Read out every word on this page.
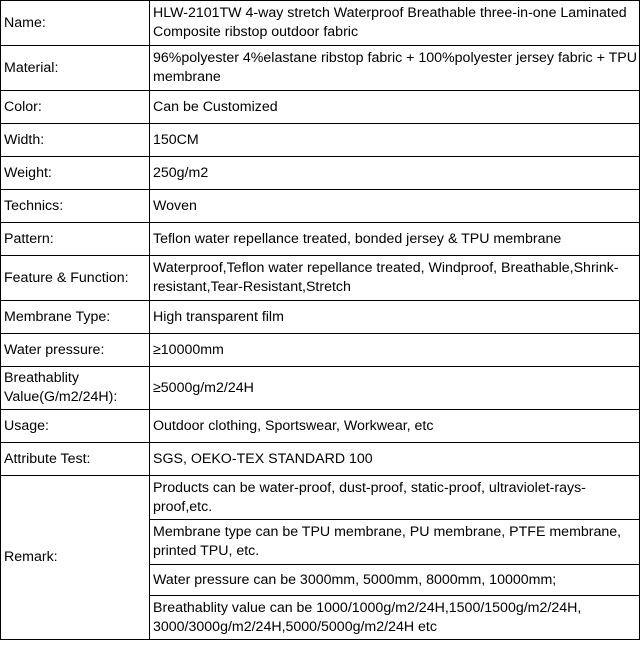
Name:	HLW-2101TW 4-way stretch Waterproof Breathable three-in-one Laminated Composite ribstop outdoor fabric
Material:	96%polyester 4%elastane ribstop fabric + 100%polyester jersey fabric + TPU membrane
Color:	Can be Customized
Width:	150CM
Weight:	250g/m2
Technics:	Woven
Pattern:	Teflon water repellance treated, bonded jersey & TPU membrane
Feature & Function:	Waterproof,Teflon water repellance treated, Windproof, Breathable,Shrink-resistant,Tear-Resistant,Stretch
Membrane Type:	High transparent film
Water pressure:	≥10000mm
Breathablity Value(G/m2/24H):	≥5000g/m2/24H
Usage:	Outdoor clothing, Sportswear, Workwear, etc
Attribute Test:	SGS, OEKO-TEX STANDARD 100
Remark:	Products can be water-proof, dust-proof, static-proof, ultraviolet-rays-proof,etc.
	Membrane type can be TPU membrane, PU membrane, PTFE membrane, printed TPU, etc.
	Water pressure can be 3000mm, 5000mm, 8000mm, 10000mm;
	Breathablity value can be 1000/1000g/m2/24H,1500/1500g/m2/24H, 3000/3000g/m2/24H,5000/5000g/m2/24H etc
